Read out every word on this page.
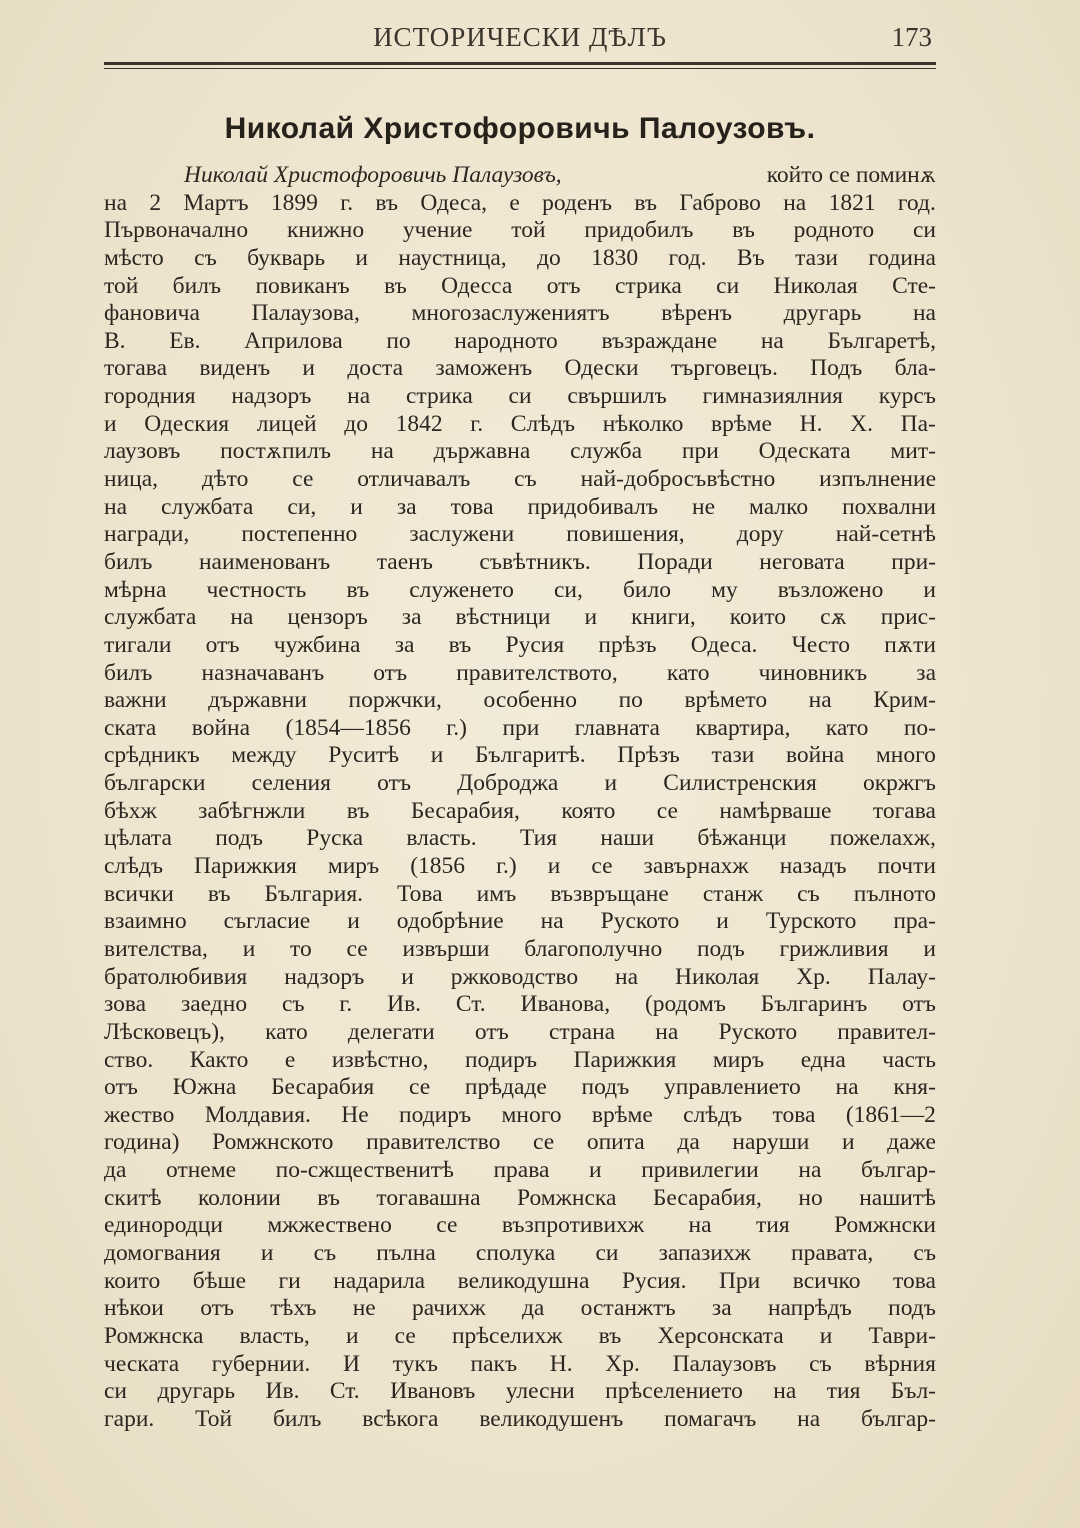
ИСТОРИЧЕСКИ ДѢЛЪ	173
Николай Христофоровичь Палоузовъ.
Николай Христофоровичь Палаузовъ,	който се поминѫ
на 2 Мартъ 1899 г. въ Одеса, е роденъ въ Габрово на 1821 год.
Първоначално книжно учение той придобилъ въ родното си
мѣсто съ букварь и наустница, до 1830 год. Въ тази година
той билъ повиканъ въ Одесса отъ стрика си Николая Сте-
фановича Палаузова, многозаслужениятъ вѣренъ другарь на
В. Ев. Априлова по народното възраждане на Българетѣ,
тогава виденъ и доста заможенъ Одески търговецъ. Подъ бла-
городния надзоръ на стрика си свършилъ гимназиялния курсъ
и Одеския лицей до 1842 г. Слѣдъ нѣколко врѣме Н. Х. Па-
лаузовъ постѫпилъ на държавна служба при Одеската мит-
ница, дѣто се отличавалъ съ най-добросъвѣстно изпълнение
на службата си, и за това придобивалъ не малко похвални
награди, постепенно заслужени повишения, дору най-сетнѣ
билъ наименованъ таенъ съвѣтникъ. Поради неговата при-
мѣрна честность въ служенето си, било му възложено и
службата на цензоръ за вѣстници и книги, които сѫ прис-
тигали отъ чужбина за въ Русия прѣзъ Одеса. Често пѫти
билъ назначаванъ отъ правителството, като чиновникъ за
важни държавни поржчки, особенно по врѣмето на Крим-
ската война (1854—1856 г.) при главната квартира, като по-
срѣдникъ между Руситѣ и Българитѣ. Прѣзъ тази война много
български селения отъ Доброджа и Силистренския окржгъ
бѣхж забѣгнжли въ Бесарабия, която се намѣрваше тогава
цѣлата подъ Руска власть. Тия наши бѣжанци пожелахж,
слѣдъ Парижкия миръ (1856 г.) и се завърнахж назадъ почти
всички въ България. Това имъ възвръщане станж съ пълното
взаимно съгласие и одобрѣние на Руското и Турското пра-
вителства, и то се извърши благополучно подъ грижливия и
братолюбивия надзоръ и ржководство на Николая Хр. Палау-
зова заедно съ г. Ив. Ст. Иванова, (родомъ Българинъ отъ
Лѣсковецъ), като делегати отъ страна на Руското правител-
ство. Както е извѣстно, подиръ Парижкия миръ една часть
отъ Южна Бесарабия се прѣдаде подъ управлението на кня-
жество Молдавия. Не подиръ много врѣме слѣдъ това (1861—2
година) Ромжнското правителство се опита да наруши и даже
да отнеме по-сжщественитѣ права и привилегии на българ-
скитѣ колонии въ тогавашна Ромжнска Бесарабия, но нашитѣ
единородци мжжествено се възпротивихж на тия Ромжнски
домогвания и съ пълна сполука си запазихж правата, съ
които бѣше ги надарила великодушна Русия. При всичко това
нѣкои отъ тѣхъ не рачихж да останжтъ за напрѣдъ подъ
Ромжнска власть, и се прѣселихж въ Херсонската и Таври-
ческата губернии. И тукъ пакъ Н. Хр. Палаузовъ съ вѣрния
си другарь Ив. Ст. Ивановъ улесни прѣселението на тия Бъл-
гари. Той билъ всѣкога великодушенъ помагачъ на българ-
